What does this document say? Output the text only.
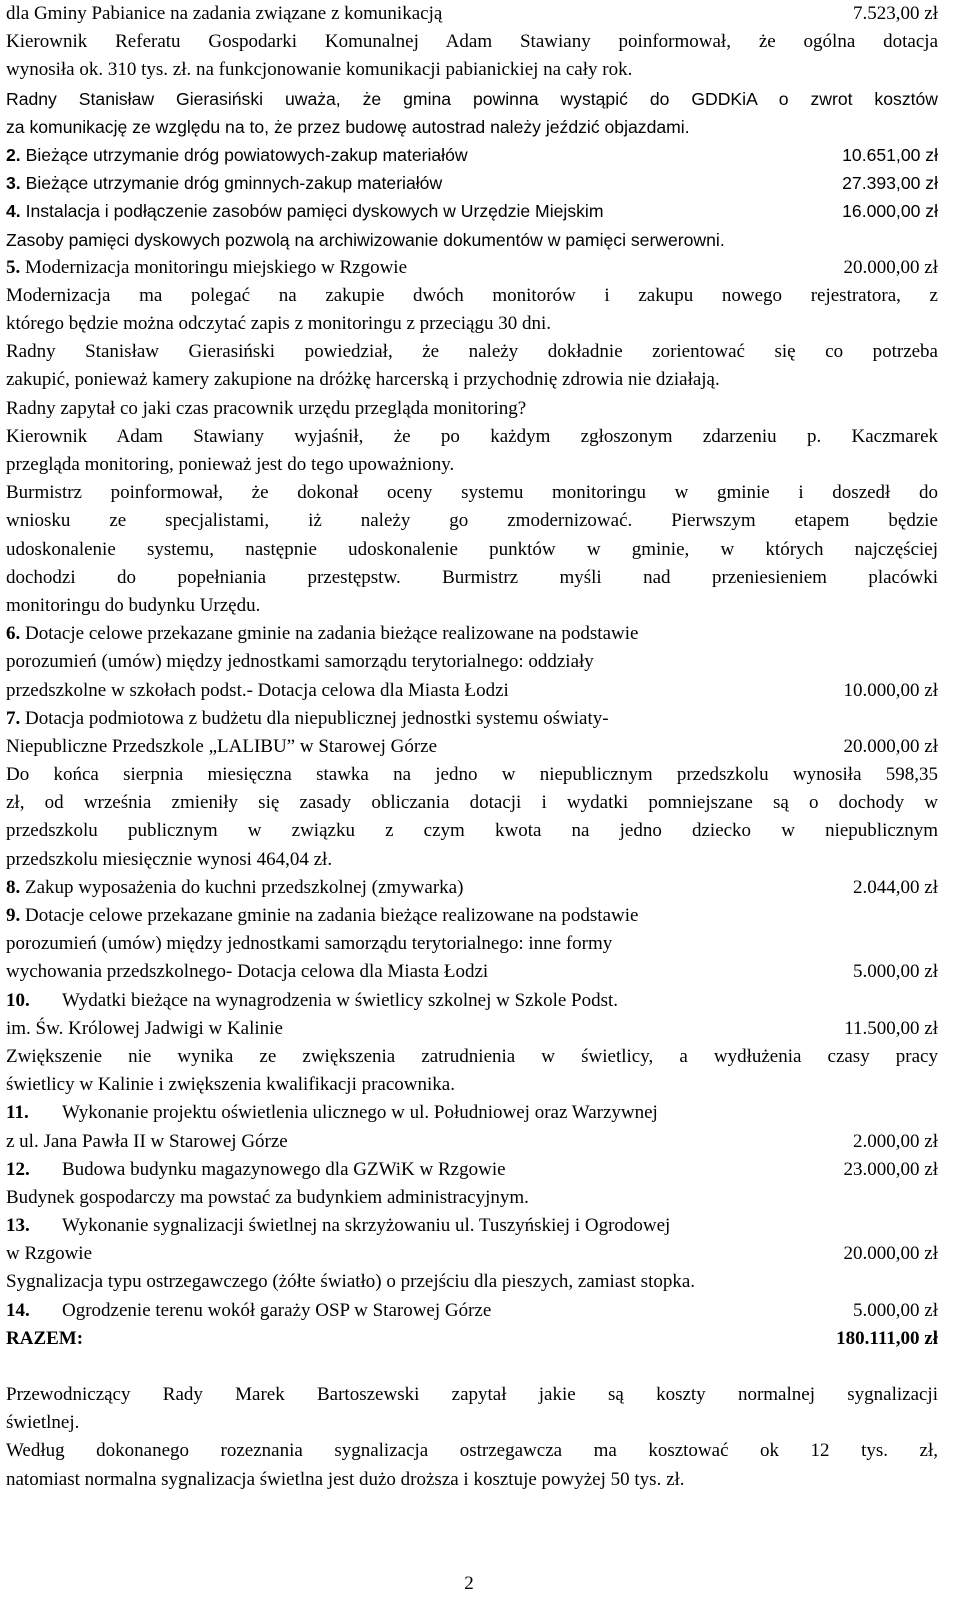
dla Gminy Pabianice na zadania związane z komunikacją	7.523,00 zł
Kierownik Referatu Gospodarki Komunalnej Adam Stawiany poinformował, że ogólna dotacja
wynosiła ok. 310 tys. zł. na funkcjonowanie komunikacji pabianickiej na cały rok.
Radny Stanisław Gierasiński uważa, że gmina powinna wystąpić do GDDKiA o zwrot kosztów
za komunikację ze względu na to, że przez budowę autostrad należy jeździć objazdami.
2. Bieżące utrzymanie dróg powiatowych-zakup materiałów	10.651,00 zł
3. Bieżące utrzymanie dróg gminnych-zakup materiałów	27.393,00 zł
4. Instalacja i podłączenie zasobów pamięci dyskowych w Urzędzie Miejskim	16.000,00 zł
Zasoby pamięci dyskowych pozwolą na archiwizowanie dokumentów w pamięci serwerowni.
5. Modernizacja monitoringu miejskiego w Rzgowie	20.000,00 zł
Modernizacja ma polegać na zakupie dwóch monitorów i zakupu nowego rejestratora, z
którego będzie można odczytać zapis z monitoringu z przeciągu 30 dni.
Radny Stanisław Gierasiński powiedział, że należy dokładnie zorientować się co potrzeba
zakupić, ponieważ kamery zakupione na dróżkę harcerską i przychodnię zdrowia nie działają.
Radny zapytał co jaki czas pracownik urzędu przegląda monitoring?
Kierownik Adam Stawiany wyjaśnił, że po każdym zgłoszonym zdarzeniu p. Kaczmarek
przegląda monitoring, ponieważ jest do tego upoważniony.
Burmistrz poinformował, że dokonał oceny systemu monitoringu w gminie i doszedł do
wniosku ze specjalistami, iż należy go zmodernizować. Pierwszym etapem będzie
udoskonalenie systemu, następnie udoskonalenie punktów w gminie, w których najczęściej
dochodzi do popełniania przestępstw. Burmistrz myśli nad przeniesieniem placówki
monitoringu do budynku Urzędu.
6. Dotacje celowe przekazane gminie na zadania bieżące realizowane na podstawie
porozumień (umów) między jednostkami samorządu terytorialnego: oddziały
przedszkolne w szkołach podst.- Dotacja celowa dla Miasta Łodzi	10.000,00 zł
7. Dotacja podmiotowa z budżetu dla niepublicznej jednostki systemu oświaty-
Niepubliczne Przedszkole „LALIBU” w Starowej Górze	20.000,00 zł
Do końca sierpnia miesięczna stawka na jedno w niepublicznym przedszkolu wynosiła 598,35
zł, od września zmieniły się zasady obliczania dotacji i wydatki pomniejszane są o dochody w
przedszkolu publicznym w związku z czym kwota na jedno dziecko w niepublicznym
przedszkolu miesięcznie wynosi 464,04 zł.
8. Zakup wyposażenia do kuchni przedszkolnej (zmywarka)	2.044,00 zł
9. Dotacje celowe przekazane gminie na zadania bieżące realizowane na podstawie
porozumień (umów) między jednostkami samorządu terytorialnego: inne formy
wychowania przedszkolnego- Dotacja celowa dla Miasta Łodzi	5.000,00 zł
10. Wydatki bieżące na wynagrodzenia w świetlicy szkolnej w Szkole Podst.
im. Św. Królowej Jadwigi w Kalinie	11.500,00 zł
Zwiększenie nie wynika ze zwiększenia zatrudnienia w świetlicy, a wydłużenia czasy pracy
świetlicy w Kalinie i zwiększenia kwalifikacji pracownika.
11. Wykonanie projektu oświetlenia ulicznego w ul. Południowej oraz Warzywnej
z ul. Jana Pawła II w Starowej Górze	2.000,00 zł
12. Budowa budynku magazynowego dla GZWiK w Rzgowie	23.000,00 zł
Budynek gospodarczy ma powstać za budynkiem administracyjnym.
13. Wykonanie sygnalizacji świetlnej na skrzyżowaniu ul. Tuszyńskiej i Ogrodowej
w Rzgowie	20.000,00 zł
Sygnalizacja typu ostrzegawczego (żółte światło) o przejściu dla pieszych, zamiast stopka.
14. Ogrodzenie terenu wokół garaży OSP w Starowej Górze	5.000,00 zł
RAZEM:	180.111,00 zł
Przewodniczący Rady Marek Bartoszewski zapytał jakie są koszty normalnej sygnalizacji
świetlnej.
Według dokonanego rozeznania sygnalizacja ostrzegawcza ma kosztować ok 12 tys. zł,
natomiast normalna sygnalizacja świetlna jest dużo droższa i kosztuje powyżej 50 tys. zł.
2
